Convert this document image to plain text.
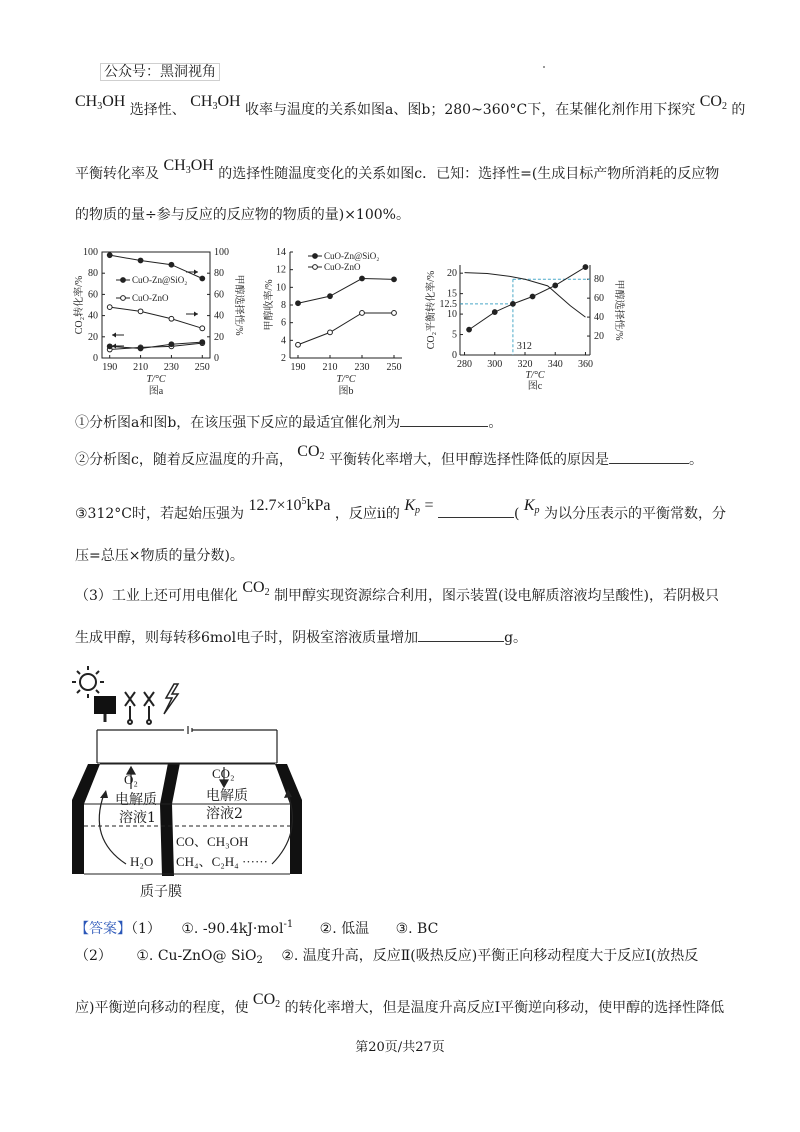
公众号：黑洞视角
$CH_3OH$ 选择性、 $CH_3OH$ 收率与温度的关系如图a、图b；280~360°C下，在某催化剂作用下探究 $CO_2$ 的
平衡转化率及 $CH_3OH$ 的选择性随温度变化的关系如图c．已知：选择性=(生成目标产物所消耗的反应物
的物质的量÷参与反应的反应物的物质的量)×100%。
0
20
40
60
80
100
0
20
40
60
80
100
190 210 230 250
T/°C
图a
CO₂转化率/%	甲醇选择性/%
CuO-Zn@SiO₂
CuO-ZnO
2
4
6
8
10
12
14
190 210 230 250
T/°C
图b
甲醇收率/%
CuO-Zn@SiO₂
CuO-ZnO
0
5
10
12.5
15
20
20
40
60
80
280 300 320 340 360
T/°C
图c
CO₂平衡转化率/%	甲醇选择性/%
312
①分析图a和图b，在该压强下反应的最适宜催化剂为	。
②分析图c，随着反应温度的升高， $CO_2$ 平衡转化率增大，但甲醇选择性降低的原因是	。
③312°C时，若起始压强为 $12.7\times 10^5kPa$ ，反应ii的 $K_p$ =	( $K_p$ 为以分压表示的平衡常数，分
压=总压×物质的量分数)。
（3）工业上还可用电催化 $CO_2$ 制甲醇实现资源综合利用，图示装置(设电解质溶液均呈酸性)，若阴极只
生成甲醇，则每转移6mol电子时，阴极室溶液质量增加	g。
O₂	CO₂
电解质
溶液1
电解质
溶液2
CO、CH₃OH
CH₄、C₂H₄ ······
H₂O
质子膜
【答案】（1） ①. -90.4kJ·mol$^{-1}$ ②. 低温 ③. BC
（2） ①. Cu-ZnO@ SiO$_2$ ②. 温度升高，反应Ⅱ(吸热反应)平衡正向移动程度大于反应Ⅰ(放热反
应)平衡逆向移动的程度，使 $CO_2$ 的转化率增大，但是温度升高反应Ⅰ平衡逆向移动，使甲醇的选择性降低
第20页/共27页
